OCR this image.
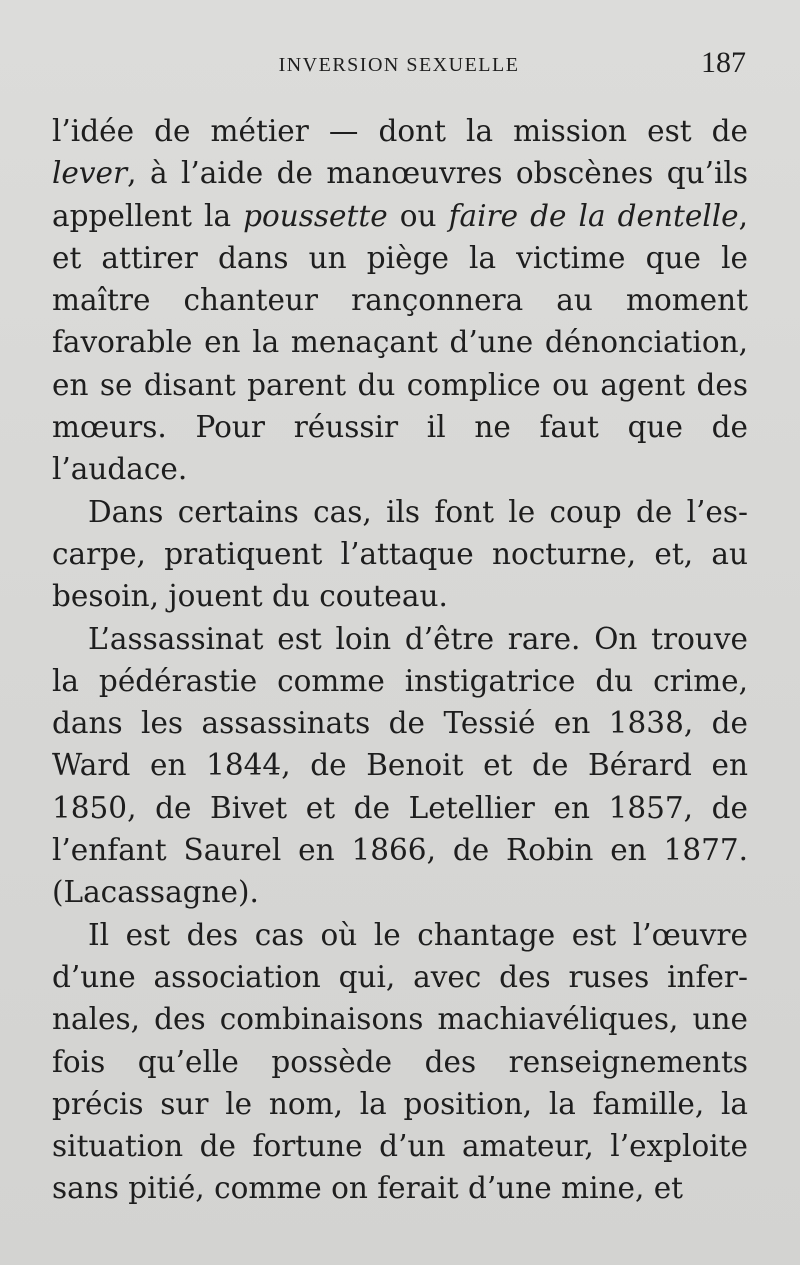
INVERSION SEXUELLE	187

l’idée de métier — dont la mission est de lever, à l’aide de manœuvres obscènes qu’ils appellent la poussette ou faire de la dentelle, et attirer dans un piège la victime que le maître chanteur rançonnera au moment favorable en la menaçant d’une dénonciation, en se disant parent du complice ou agent des mœurs. Pour réussir il ne faut que de l’audace.

Dans certains cas, ils font le coup de l’es-carpe, pratiquent l’attaque nocturne, et, au besoin, jouent du couteau.

L’assassinat est loin d’être rare. On trouve la pédérastie comme instigatrice du crime, dans les assassinats de Tessié en 1838, de Ward en 1844, de Benoit et de Bérard en 1850, de Bivet et de Letellier en 1857, de l’enfant Saurel en 1866, de Robin en 1877. (Lacassagne).

Il est des cas où le chantage est l’œuvre d’une association qui, avec des ruses infer-nales, des combinaisons machiavéliques, une fois qu’elle possède des renseignements précis sur le nom, la position, la famille, la situation de fortune d’un amateur, l’exploite sans pitié, comme on ferait d’une mine, et
